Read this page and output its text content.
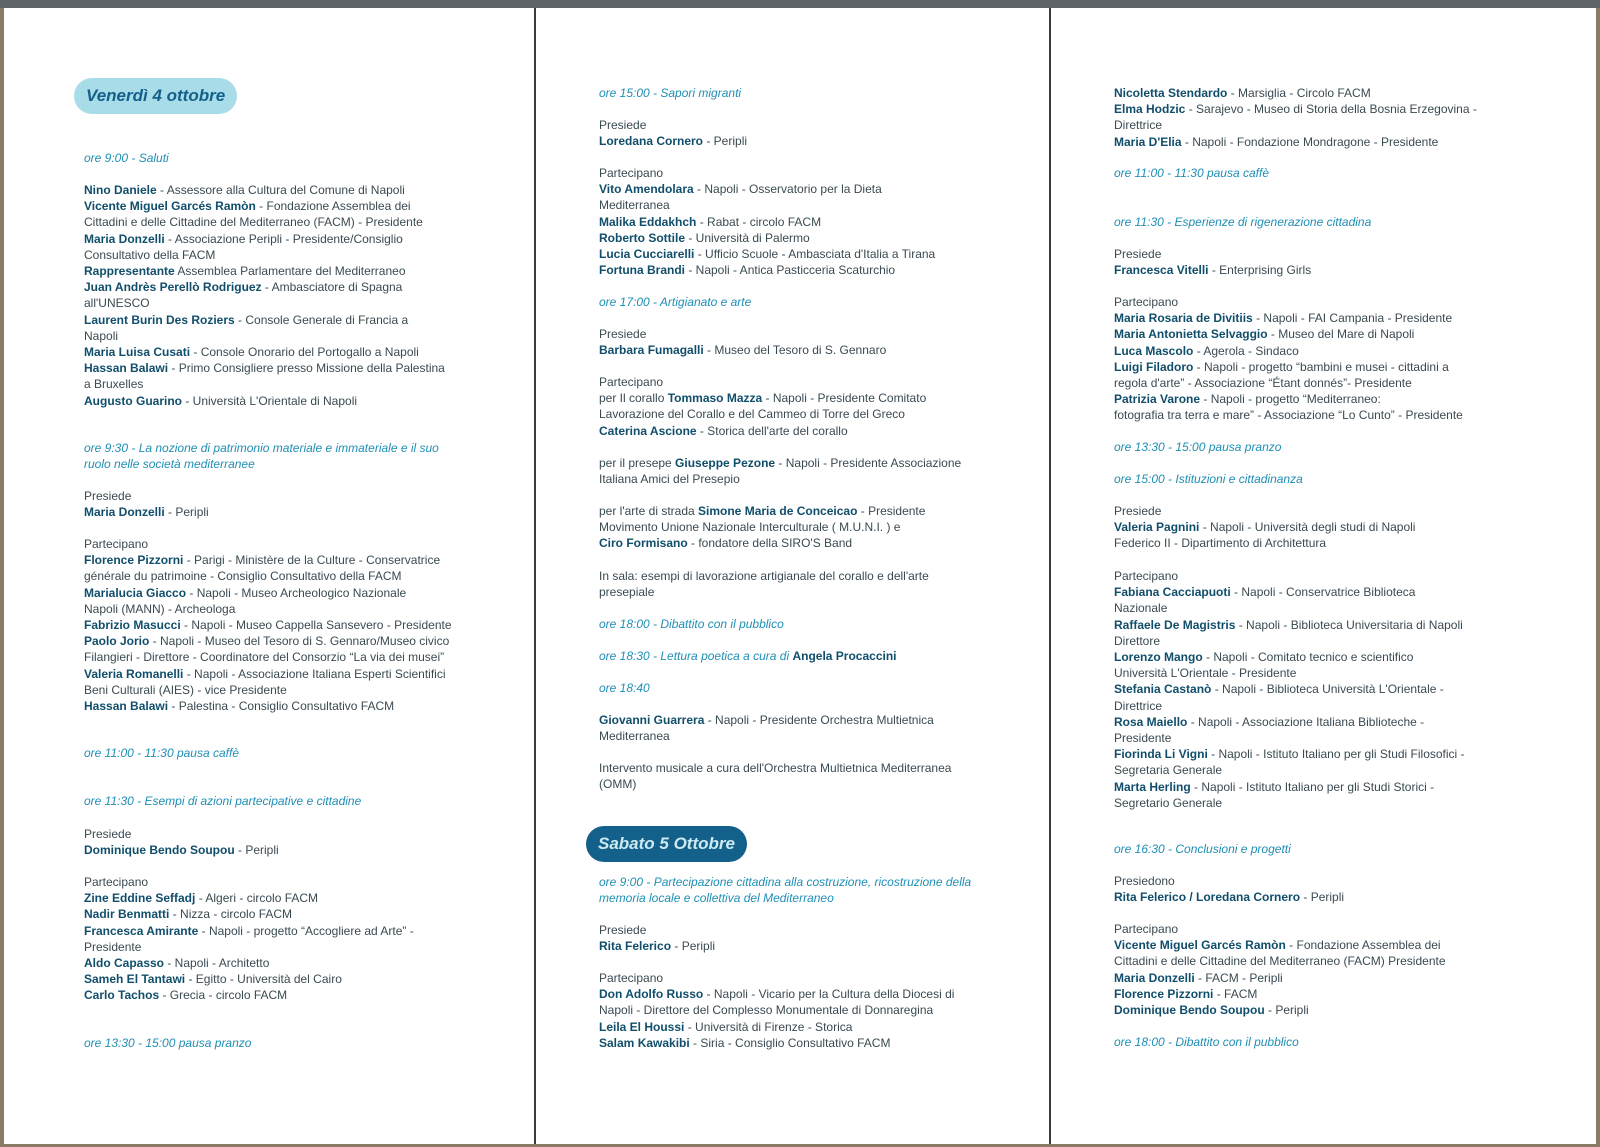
Venerdì 4 ottobre
ore 9:00 - Saluti
Nino Daniele - Assessore alla Cultura del Comune di Napoli
Vicente Miguel Garcés Ramòn - Fondazione Assemblea dei
Cittadini e delle Cittadine del Mediterraneo (FACM) - Presidente
Maria Donzelli - Associazione Peripli - Presidente/Consiglio
Consultativo della FACM
Rappresentante Assemblea Parlamentare del Mediterraneo
Juan Andrès Perellò Rodriguez - Ambasciatore di Spagna
all'UNESCO
Laurent Burin Des Roziers - Console Generale di Francia a
Napoli
Maria Luisa Cusati - Console Onorario del Portogallo a Napoli
Hassan Balawi - Primo Consigliere presso Missione della Palestina
a Bruxelles
Augusto Guarino - Università L'Orientale di Napoli
ore 9:30 - La nozione di patrimonio materiale e immateriale e il suo
ruolo nelle società mediterranee
Presiede
Maria Donzelli - Peripli
Partecipano
Florence Pizzorni - Parigi - Ministère de la Culture - Conservatrice
générale du patrimoine - Consiglio Consultativo della FACM
Marialucia Giacco - Napoli - Museo Archeologico Nazionale
Napoli (MANN) - Archeologa
Fabrizio Masucci - Napoli - Museo Cappella Sansevero - Presidente
Paolo Jorio - Napoli - Museo del Tesoro di S. Gennaro/Museo civico
Filangieri - Direttore - Coordinatore del Consorzio “La via dei musei”
Valeria Romanelli - Napoli - Associazione Italiana Esperti Scientifici
Beni Culturali (AIES) - vice Presidente
Hassan Balawi - Palestina - Consiglio Consultativo FACM
ore 11:00 - 11:30 pausa caffè
ore 11:30 - Esempi di azioni partecipative e cittadine
Presiede
Dominique Bendo Soupou - Peripli
Partecipano
Zine Eddine Seffadj - Algeri - circolo FACM
Nadir Benmatti - Nizza - circolo FACM
Francesca Amirante - Napoli - progetto “Accogliere ad Arte” -
Presidente
Aldo Capasso - Napoli - Architetto
Sameh El Tantawi - Egitto - Università del Cairo
Carlo Tachos - Grecia - circolo FACM
ore 13:30 - 15:00 pausa pranzo
Sabato 5 Ottobre
ore 15:00 - Sapori migranti
Presiede
Loredana Cornero - Peripli
Partecipano
Vito Amendolara - Napoli - Osservatorio per la Dieta
Mediterranea
Malika Eddakhch - Rabat - circolo FACM
Roberto Sottile - Università di Palermo
Lucia Cucciarelli - Ufficio Scuole - Ambasciata d'Italia a Tirana
Fortuna Brandi - Napoli - Antica Pasticceria Scaturchio
ore 17:00 - Artigianato e arte
Presiede
Barbara Fumagalli - Museo del Tesoro di S. Gennaro
Partecipano
per Il corallo Tommaso Mazza - Napoli - Presidente Comitato
Lavorazione del Corallo e del Cammeo di Torre del Greco
Caterina Ascione - Storica dell'arte del corallo
per il presepe Giuseppe Pezone - Napoli - Presidente Associazione
Italiana Amici del Presepio
per l'arte di strada Simone Maria de Conceicao - Presidente
Movimento Unione Nazionale Interculturale ( M.U.N.I. ) e
Ciro Formisano - fondatore della SIRO'S Band
In sala: esempi di lavorazione artigianale del corallo e dell'arte
presepiale
ore 18:00 - Dibattito con il pubblico
ore 18:30 - Lettura poetica a cura di Angela Procaccini
ore 18:40
Giovanni Guarrera - Napoli - Presidente Orchestra Multietnica
Mediterranea
Intervento musicale a cura dell'Orchestra Multietnica Mediterranea
(OMM)
ore 9:00 - Partecipazione cittadina alla costruzione, ricostruzione della
memoria locale e collettiva del Mediterraneo
Presiede
Rita Felerico - Peripli
Partecipano
Don Adolfo Russo - Napoli - Vicario per la Cultura della Diocesi di
Napoli - Direttore del Complesso Monumentale di Donnaregina
Leila El Houssi - Università di Firenze - Storica
Salam Kawakibi - Siria - Consiglio Consultativo FACM
Nicoletta Stendardo - Marsiglia - Circolo FACM
Elma Hodzic - Sarajevo - Museo di Storia della Bosnia Erzegovina -
Direttrice
Maria D'Elia - Napoli - Fondazione Mondragone - Presidente
ore 11:00 - 11:30 pausa caffè
ore 11:30 - Esperienze di rigenerazione cittadina
Presiede
Francesca Vitelli - Enterprising Girls
Partecipano
Maria Rosaria de Divitiis - Napoli - FAI Campania - Presidente
Maria Antonietta Selvaggio - Museo del Mare di Napoli
Luca Mascolo - Agerola - Sindaco
Luigi Filadoro - Napoli - progetto “bambini e musei - cittadini a
regola d'arte” - Associazione “Étant donnés”- Presidente
Patrizia Varone - Napoli - progetto “Mediterraneo:
fotografia tra terra e mare” - Associazione “Lo Cunto” - Presidente
ore 13:30 - 15:00 pausa pranzo
ore 15:00 - Istituzioni e cittadinanza
Presiede
Valeria Pagnini - Napoli - Università degli studi di Napoli
Federico II - Dipartimento di Architettura
Partecipano
Fabiana Cacciapuoti - Napoli - Conservatrice Biblioteca
Nazionale
Raffaele De Magistris - Napoli - Biblioteca Universitaria di Napoli
Direttore
Lorenzo Mango - Napoli - Comitato tecnico e scientifico
Università L'Orientale - Presidente
Stefania Castanò - Napoli - Biblioteca Università L'Orientale -
Direttrice
Rosa Maiello - Napoli - Associazione Italiana Biblioteche -
Presidente
Fiorinda Li Vigni - Napoli - Istituto Italiano per gli Studi Filosofici -
Segretaria Generale
Marta Herling - Napoli - Istituto Italiano per gli Studi Storici -
Segretario Generale
ore 16:30 - Conclusioni e progetti
Presiedono
Rita Felerico / Loredana Cornero - Peripli
Partecipano
Vicente Miguel Garcés Ramòn - Fondazione Assemblea dei
Cittadini e delle Cittadine del Mediterraneo (FACM) Presidente
Maria Donzelli - FACM - Peripli
Florence Pizzorni - FACM
Dominique Bendo Soupou - Peripli
ore 18:00 - Dibattito con il pubblico
